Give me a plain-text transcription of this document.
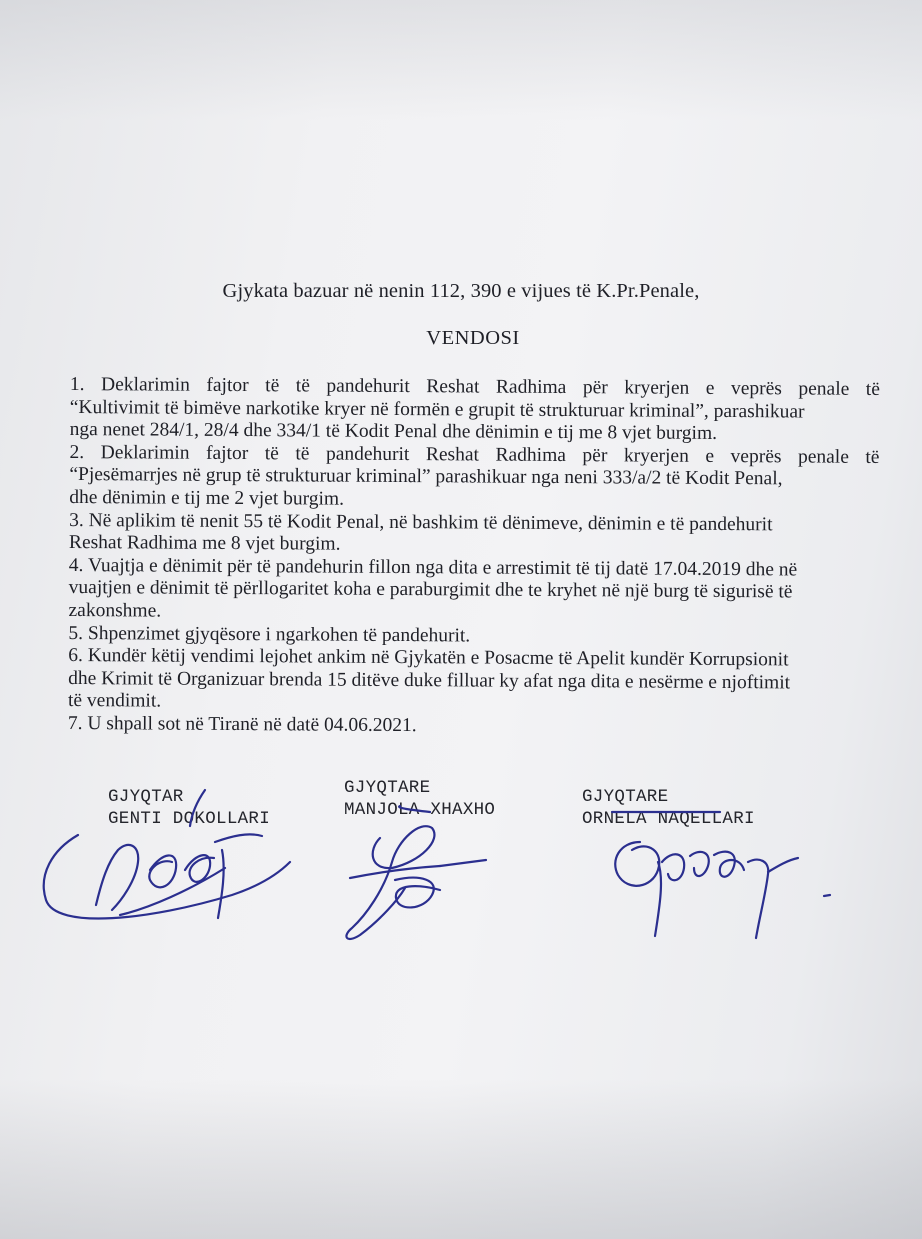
Gjykata bazuar në nenin 112, 390 e vijues të K.Pr.Penale,
VENDOSI
1. Deklarimin fajtor të të pandehurit Reshat Radhima për kryerjen e veprës penale të
“Kultivimit të bimëve narkotike kryer në formën e grupit të strukturuar kriminal”, parashikuar
nga nenet 284/1, 28/4 dhe 334/1 të Kodit Penal dhe dënimin e tij me 8 vjet burgim.
2. Deklarimin fajtor të të pandehurit Reshat Radhima për kryerjen e veprës penale të
“Pjesëmarrjes në grup të strukturuar kriminal” parashikuar nga neni 333/a/2 të Kodit Penal,
dhe dënimin e tij me 2 vjet burgim.
3. Në aplikim të nenit 55 të Kodit Penal, në bashkim të dënimeve, dënimin e të pandehurit
Reshat Radhima me 8 vjet burgim.
4. Vuajtja e dënimit për të pandehurin fillon nga dita e arrestimit të tij datë 17.04.2019 dhe në
vuajtjen e dënimit të përllogaritet koha e paraburgimit dhe te kryhet në një burg të sigurisë të
zakonshme.
5. Shpenzimet gjyqësore i ngarkohen të pandehurit.
6. Kundër këtij vendimi lejohet ankim në Gjykatën e Posacme të Apelit kundër Korrupsionit
dhe Krimit të Organizuar brenda 15 ditëve duke filluar ky afat nga dita e nesërme e njoftimit
të vendimit.
7. U shpall sot në Tiranë në datë 04.06.2021.
GJYQTAR
GENTI DOKOLLARI
GJYQTARE
MANJOLA XHAXHO
GJYQTARE
ORNELA NAQELLARI
